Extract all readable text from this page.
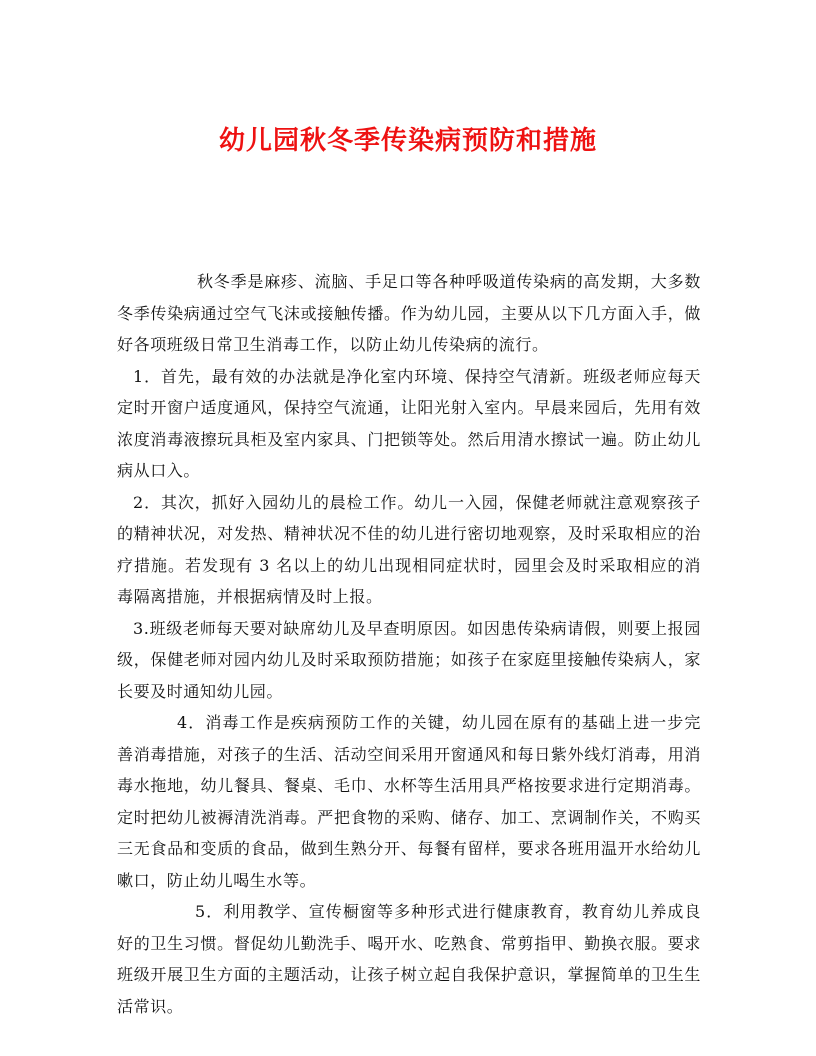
幼儿园秋冬季传染病预防和措施

秋冬季是麻疹、流脑、手足口等各种呼吸道传染病的高发期，大多数冬季传染病通过空气飞沫或接触传播。作为幼儿园，主要从以下几方面入手，做好各项班级日常卫生消毒工作，以防止幼儿传染病的流行。

1．首先，最有效的办法就是净化室内环境、保持空气清新。班级老师应每天定时开窗户适度通风，保持空气流通，让阳光射入室内。早晨来园后，先用有效浓度消毒液擦玩具柜及室内家具、门把锁等处。然后用清水擦试一遍。防止幼儿病从口入。

2．其次，抓好入园幼儿的晨检工作。幼儿一入园，保健老师就注意观察孩子的精神状况，对发热、精神状况不佳的幼儿进行密切地观察，及时采取相应的治疗措施。若发现有 3 名以上的幼儿出现相同症状时，园里会及时采取相应的消毒隔离措施，并根据病情及时上报。

3.班级老师每天要对缺席幼儿及早查明原因。如因患传染病请假，则要上报园级，保健老师对园内幼儿及时采取预防措施；如孩子在家庭里接触传染病人，家长要及时通知幼儿园。

4．消毒工作是疾病预防工作的关键，幼儿园在原有的基础上进一步完善消毒措施，对孩子的生活、活动空间采用开窗通风和每日紫外线灯消毒，用消毒水拖地，幼儿餐具、餐桌、毛巾、水杯等生活用具严格按要求进行定期消毒。定时把幼儿被褥清洗消毒。严把食物的采购、储存、加工、烹调制作关，不购买三无食品和变质的食品，做到生熟分开、每餐有留样，要求各班用温开水给幼儿嗽口，防止幼儿喝生水等。

5．利用教学、宣传橱窗等多种形式进行健康教育，教育幼儿养成良好的卫生习惯。督促幼儿勤洗手、喝开水、吃熟食、常剪指甲、勤换衣服。要求班级开展卫生方面的主题活动，让孩子树立起自我保护意识，掌握简单的卫生生活常识。
